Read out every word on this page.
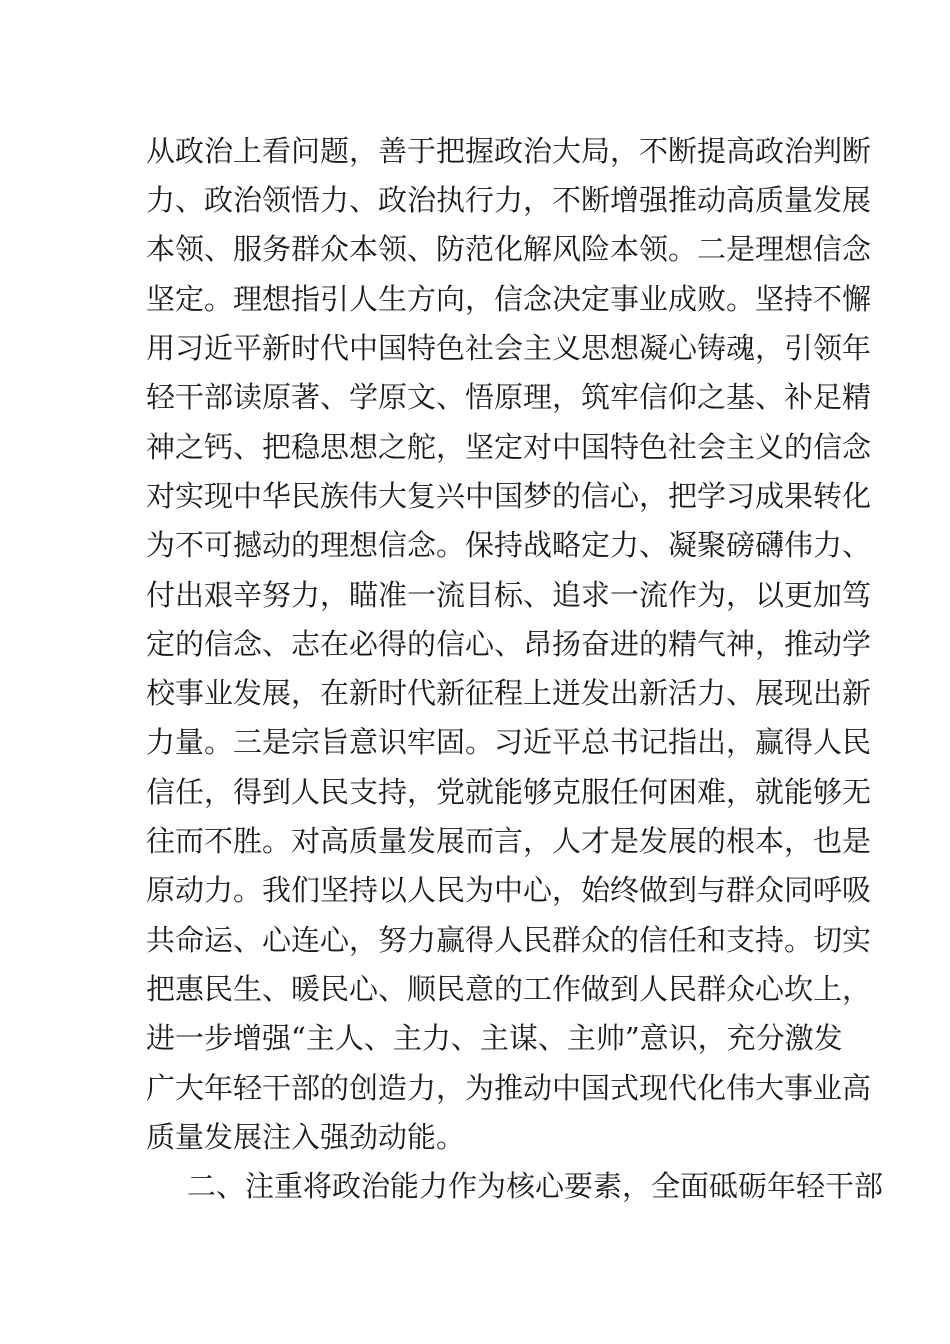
从政治上看问题，善于把握政治大局，不断提高政治判断
力、政治领悟力、政治执行力，不断增强推动高质量发展
本领、服务群众本领、防范化解风险本领。二是理想信念
坚定。理想指引人生方向，信念决定事业成败。坚持不懈
用习近平新时代中国特色社会主义思想凝心铸魂，引领年
轻干部读原著、学原文、悟原理，筑牢信仰之基、补足精
神之钙、把稳思想之舵，坚定对中国特色社会主义的信念
对实现中华民族伟大复兴中国梦的信心，把学习成果转化
为不可撼动的理想信念。保持战略定力、凝聚磅礴伟力、
付出艰辛努力，瞄准一流目标、追求一流作为，以更加笃
定的信念、志在必得的信心、昂扬奋进的精气神，推动学
校事业发展，在新时代新征程上迸发出新活力、展现出新
力量。三是宗旨意识牢固。习近平总书记指出，赢得人民
信任，得到人民支持，党就能够克服任何困难，就能够无
往而不胜。对高质量发展而言，人才是发展的根本，也是
原动力。我们坚持以人民为中心，始终做到与群众同呼吸
共命运、心连心，努力赢得人民群众的信任和支持。切实
把惠民生、暖民心、顺民意的工作做到人民群众心坎上，
进一步增强“主人、主力、主谋、主帅”意识，充分激发
广大年轻干部的创造力，为推动中国式现代化伟大事业高
质量发展注入强劲动能。
二、注重将政治能力作为核心要素，全面砥砺年轻干部
